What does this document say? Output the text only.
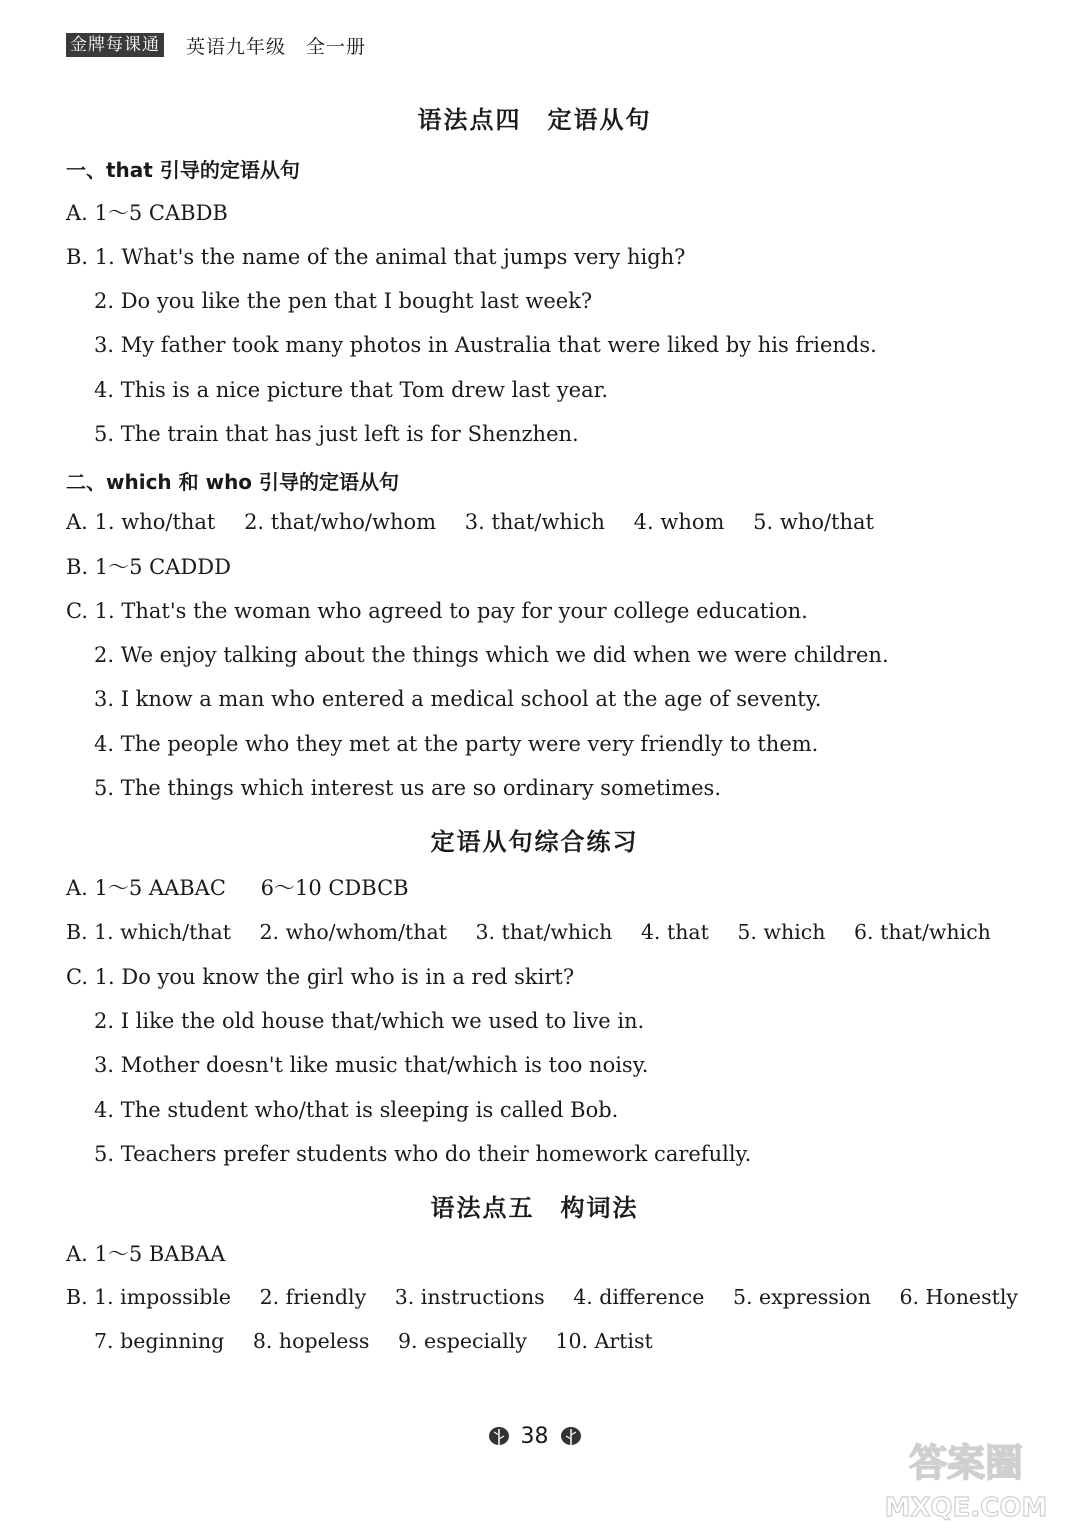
金牌每课通 英语九年级　全一册
语法点四　定语从句
一、that 引导的定语从句
A. 1～5 CABDB
B. 1. What's the name of the animal that jumps very high?
2. Do you like the pen that I bought last week?
3. My father took many photos in Australia that were liked by his friends.
4. This is a nice picture that Tom drew last year.
5. The train that has just left is for Shenzhen.
二、which 和 who 引导的定语从句
A. 1. who/that 2. that/who/whom 3. that/which 4. whom 5. who/that
B. 1～5 CADDD
C. 1. That's the woman who agreed to pay for your college education.
2. We enjoy talking about the things which we did when we were children.
3. I know a man who entered a medical school at the age of seventy.
4. The people who they met at the party were very friendly to them.
5. The things which interest us are so ordinary sometimes.
定语从句综合练习
A. 1～5 AABAC 6～10 CDBCB
B. 1. which/that 2. who/whom/that 3. that/which 4. that 5. which 6. that/which
C. 1. Do you know the girl who is in a red skirt?
2. I like the old house that/which we used to live in.
3. Mother doesn't like music that/which is too noisy.
4. The student who/that is sleeping is called Bob.
5. Teachers prefer students who do their homework carefully.
语法点五　构词法
A. 1～5 BABAA
B. 1. impossible 2. friendly 3. instructions 4. difference 5. expression 6. Honestly
7. beginning 8. hopeless 9. especially 10. Artist
38
答案圈
MXQE.COM
